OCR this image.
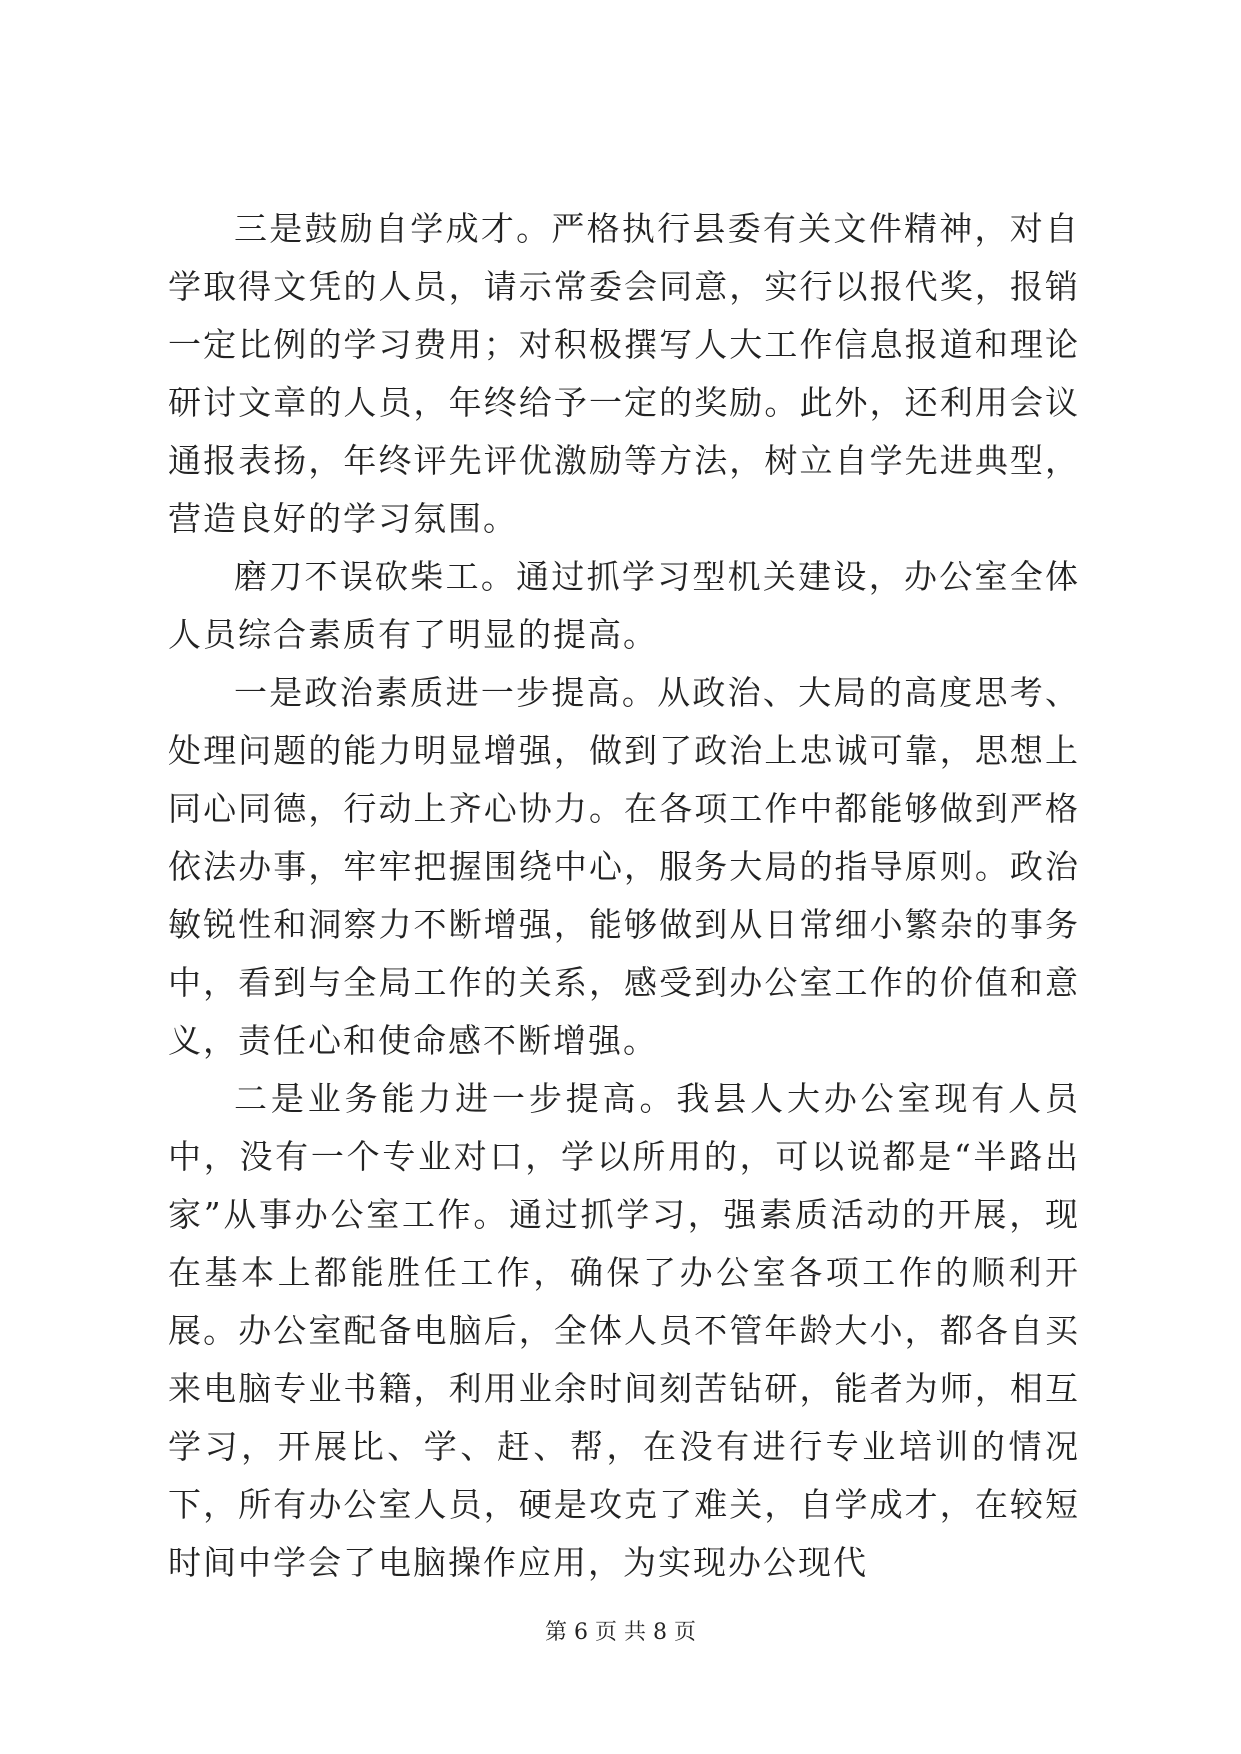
三是鼓励自学成才。严格执行县委有关文件精神，对自学取得文凭的人员，请示常委会同意，实行以报代奖，报销一定比例的学习费用；对积极撰写人大工作信息报道和理论研讨文章的人员，年终给予一定的奖励。此外，还利用会议通报表扬，年终评先评优激励等方法，树立自学先进典型，营造良好的学习氛围。

磨刀不误砍柴工。通过抓学习型机关建设，办公室全体人员综合素质有了明显的提高。

一是政治素质进一步提高。从政治、大局的高度思考、处理问题的能力明显增强，做到了政治上忠诚可靠，思想上同心同德，行动上齐心协力。在各项工作中都能够做到严格依法办事，牢牢把握围绕中心，服务大局的指导原则。政治敏锐性和洞察力不断增强，能够做到从日常细小繁杂的事务中，看到与全局工作的关系，感受到办公室工作的价值和意义，责任心和使命感不断增强。

二是业务能力进一步提高。我县人大办公室现有人员中，没有一个专业对口，学以所用的，可以说都是“半路出家”从事办公室工作。通过抓学习，强素质活动的开展，现在基本上都能胜任工作，确保了办公室各项工作的顺利开展。办公室配备电脑后，全体人员不管年龄大小，都各自买来电脑专业书籍，利用业余时间刻苦钻研，能者为师，相互学习，开展比、学、赶、帮，在没有进行专业培训的情况下，所有办公室人员，硬是攻克了难关，自学成才，在较短时间中学会了电脑操作应用，为实现办公现代

第 6 页 共 8 页
